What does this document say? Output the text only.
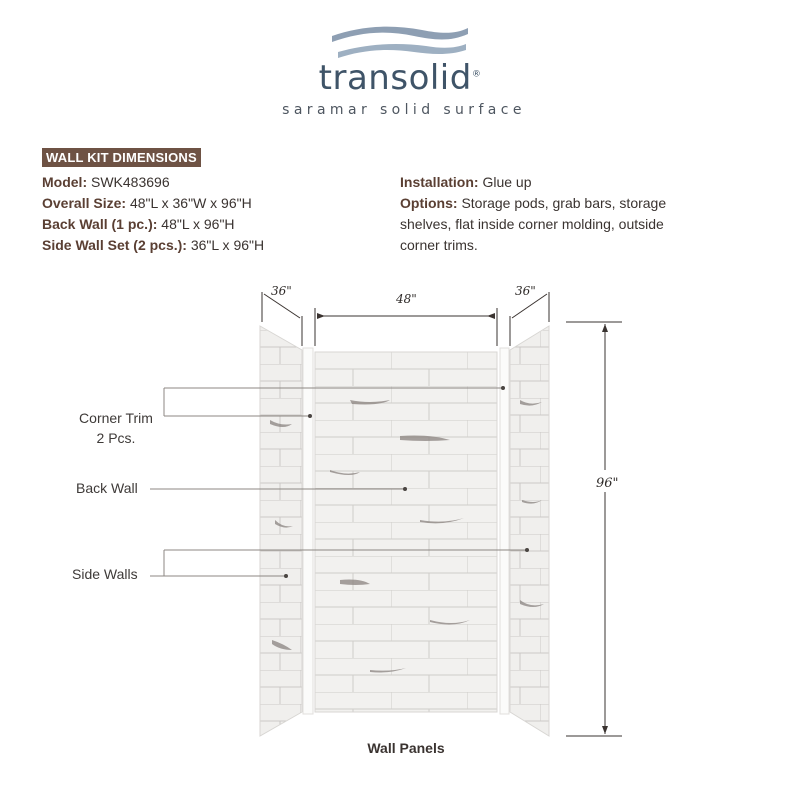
transolid®
saramar solid surface
WALL KIT DIMENSIONS
Model: SWK483696
Overall Size: 48"L x 36"W x 96"H
Back Wall (1 pc.): 48"L x 96"H
Side Wall Set (2 pcs.): 36"L x 96"H
Installation: Glue up
Options: Storage pods, grab bars, storage shelves, flat inside corner molding, outside corner trims.
36"
48"
36"
96"
Corner Trim
2 Pcs.
Back Wall
Side Walls
Wall Panels
